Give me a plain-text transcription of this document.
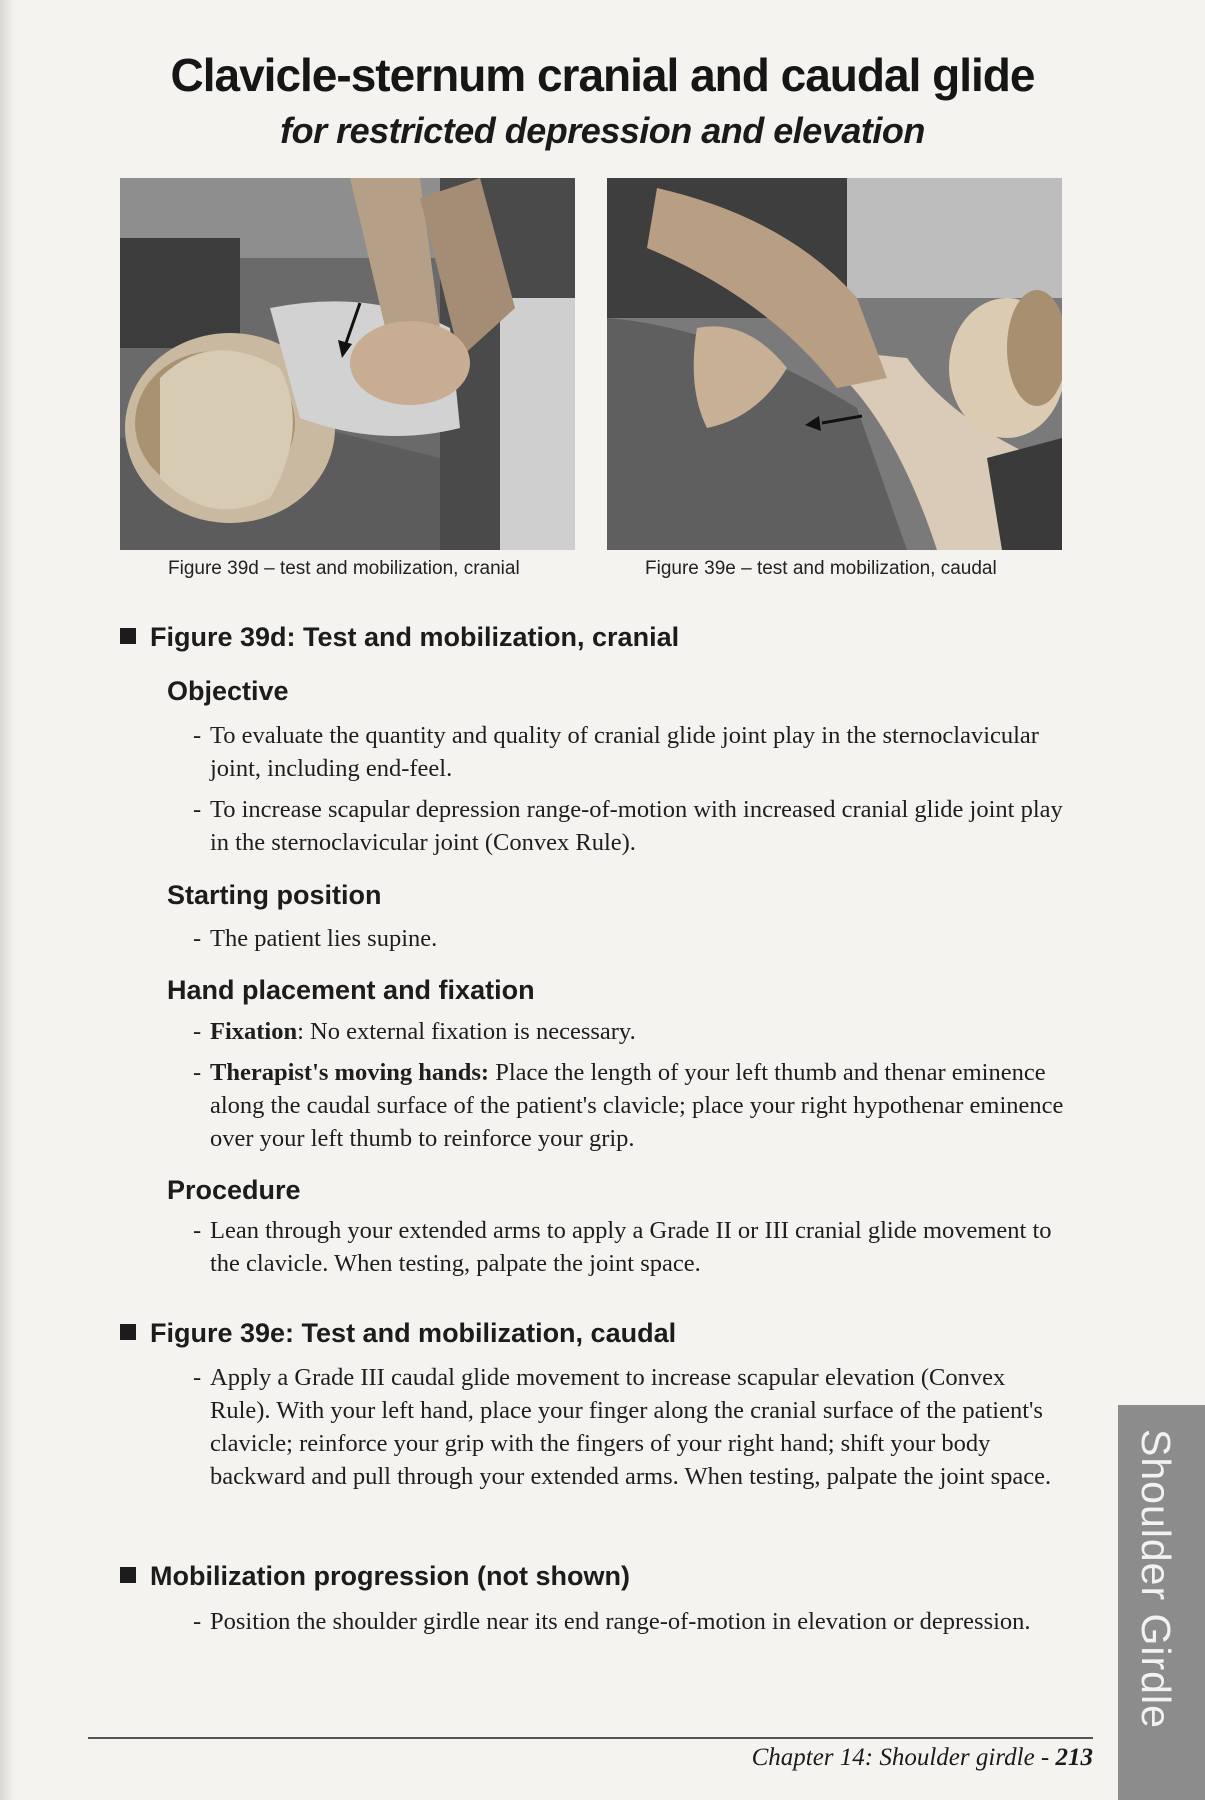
Clavicle-sternum cranial and caudal glide
for restricted depression and elevation
Figure 39d – test and mobilization, cranial	Figure 39e – test and mobilization, caudal
Figure 39d: Test and mobilization, cranial
Objective
- To evaluate the quantity and quality of cranial glide joint play in the sternoclavicular joint, including end-feel.
- To increase scapular depression range-of-motion with increased cranial glide joint play in the sternoclavicular joint (Convex Rule).
Starting position
- The patient lies supine.
Hand placement and fixation
- Fixation: No external fixation is necessary.
- Therapist's moving hands: Place the length of your left thumb and thenar eminence along the caudal surface of the patient's clavicle; place your right hypothenar eminence over your left thumb to reinforce your grip.
Procedure
- Lean through your extended arms to apply a Grade II or III cranial glide movement to the clavicle. When testing, palpate the joint space.
Figure 39e: Test and mobilization, caudal
- Apply a Grade III caudal glide movement to increase scapular elevation (Convex Rule). With your left hand, place your finger along the cranial surface of the patient's clavicle; reinforce your grip with the fingers of your right hand; shift your body backward and pull through your extended arms. When testing, palpate the joint space.
Mobilization progression (not shown)
- Position the shoulder girdle near its end range-of-motion in elevation or depression.
Chapter 14: Shoulder girdle - 213
Shoulder Girdle
